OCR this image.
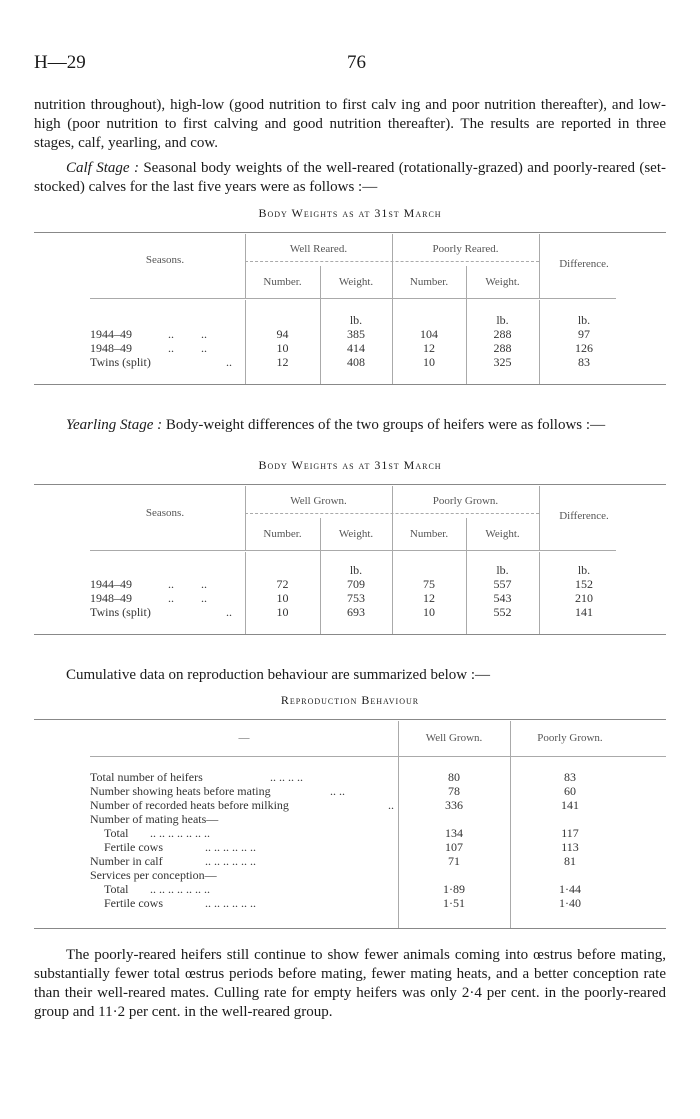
H—29	76

nutrition throughout), high-low (good nutrition to first calv ing and poor nutrition thereafter), and low-high (poor nutrition to first calving and good nutrition thereafter). The results are reported in three stages, calf, yearling, and cow.

Calf Stage : Seasonal body weights of the well-reared (rotationally-grazed) and poorly-reared (set-stocked) calves for the last five years were as follows :—

Body Weights as at 31st March
Seasons.
Well Reared.	Poorly Reared.
Difference.
Number.	Weight.	Number.	Weight.
lb.	lb.	lb.
1944–49	..         ..	94	385	104	288	97
1948–49	..         ..	10	414	12	288	126
Twins (split)	..	12	408	10	325	83

Yearling Stage : Body-weight differences of the two groups of heifers were as follows :—

Body Weights as at 31st March
Seasons.
Well Grown.	Poorly Grown.
Difference.
Number.	Weight.	Number.	Weight.
lb.	lb.	lb.
1944–49	..         ..	72	709	75	557	152
1948–49	..         ..	10	753	12	543	210
Twins (split)	..	10	693	10	552	141

Cumulative data on reproduction behaviour are summarized below :—

Reproduction Behaviour
—	Well Grown.	Poorly Grown.
Total number of heifers	.. .. .. ..	80	83
Number showing heats before mating	.. ..	78	60
Number of recorded heats before milking	..	336	141
Number of mating heats—
Total .. .. .. .. .. .. ..	134	117
Fertile cows	.. .. .. .. .. ..	107	113
Number in calf	.. .. .. .. .. ..	71	81
Services per conception—
Total .. .. .. .. .. .. ..	1·89	1·44
Fertile cows	.. .. .. .. .. ..	1·51	1·40

The poorly-reared heifers still continue to show fewer animals coming into œstrus before mating, substantially fewer total œstrus periods before mating, fewer mating heats, and a better conception rate than their well-reared mates. Culling rate for empty heifers was only 2·4 per cent. in the poorly-reared group and 11·2 per cent. in the well-reared group.
